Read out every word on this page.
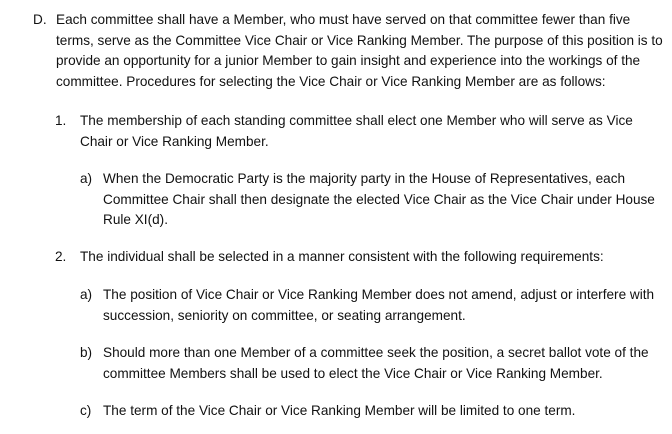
D. Each committee shall have a Member, who must have served on that committee fewer than five terms, serve as the Committee Vice Chair or Vice Ranking Member. The purpose of this position is to provide an opportunity for a junior Member to gain insight and experience into the workings of the committee. Procedures for selecting the Vice Chair or Vice Ranking Member are as follows:
1. The membership of each standing committee shall elect one Member who will serve as Vice Chair or Vice Ranking Member.
a) When the Democratic Party is the majority party in the House of Representatives, each Committee Chair shall then designate the elected Vice Chair as the Vice Chair under House Rule XI(d).
2. The individual shall be selected in a manner consistent with the following requirements:
a) The position of Vice Chair or Vice Ranking Member does not amend, adjust or interfere with succession, seniority on committee, or seating arrangement.
b) Should more than one Member of a committee seek the position, a secret ballot vote of the committee Members shall be used to elect the Vice Chair or Vice Ranking Member.
c) The term of the Vice Chair or Vice Ranking Member will be limited to one term.
